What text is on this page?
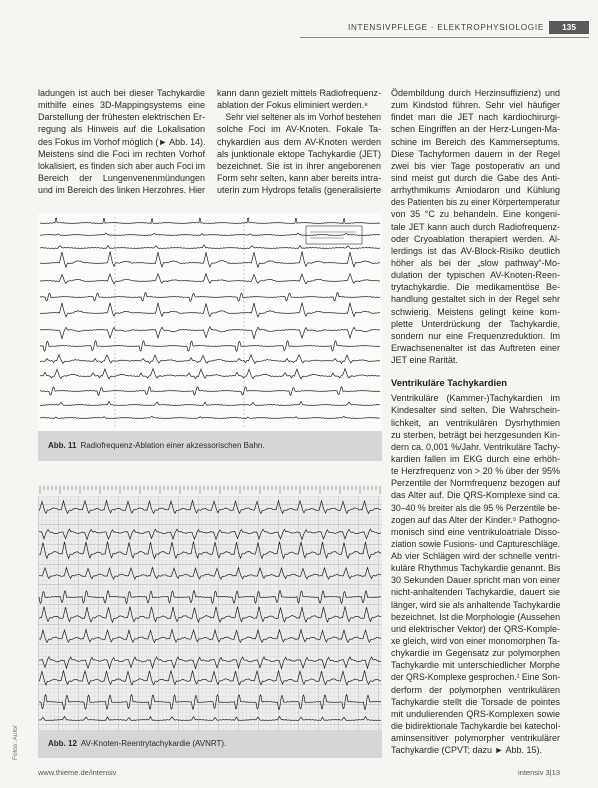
INTENSIVPFLEGE · ELEKTROPHYSIOLOGIE	135
ladungen ist auch bei dieser Tachykardie
mithilfe eines 3D-Mappingsystems eine
Darstellung der frühesten elektrischen Er-
regung als Hinweis auf die Lokalisation
des Fokus im Vorhof möglich (► Abb. 14).
Meistens sind die Foci im rechten Vorhof
lokalisiert, es finden sich aber auch Foci im
Bereich der Lungenvenenmündungen
und im Bereich des linken Herzohres. Hier
kann dann gezielt mittels Radiofrequenz-
ablation der Fokus eliminiert werden.⁸
Sehr viel seltener als im Vorhof bestehen
solche Foci im AV-Knoten. Fokale Ta-
chykardien aus dem AV-Knoten werden
als junktionale ektope Tachykardie (JET)
bezeichnet. Sie ist in ihrer angeborenen
Form sehr selten, kann aber bereits intra-
uterin zum Hydrops fetalis (generalisierte
Ödembildung durch Herzinsuffizienz) und
zum Kindstod führen. Sehr viel häufiger
findet man die JET nach kardiochirurgi-
schen Eingriffen an der Herz-Lungen-Ma-
schine im Bereich des Kammerseptums.
Diese Tachyformen dauern in der Regel
zwei bis vier Tage postoperativ an und
sind meist gut durch die Gabe des Anti-
arrhythmikums Amiodaron und Kühlung
des Patienten bis zu einer Körpertemperatur
von 35 °C zu behandeln. Eine kongeni-
tale JET kann auch durch Radiofrequenz-
oder Cryoablation therapiert werden. Al-
lerdings ist das AV-Block-Risiko deutlich
höher als bei der „slow pathway“-Mo-
dulation der typischen AV-Knoten-Reen-
trytachykardie. Die medikamentöse Be-
handlung gestaltet sich in der Regel sehr
schwierig. Meistens gelingt keine kom-
plette Unterdrückung der Tachykardie,
sondern nur eine Frequenzreduktion. Im
Erwachsenenalter ist das Auftreten einer
JET eine Rarität.
Ventrikuläre Tachykardien
Ventrikuläre (Kammer-)Tachykardien im
Kindesalter sind selten. Die Wahrschein-
lichkeit, an ventrikulären Dysrhythmien
zu sterben, beträgt bei herzgesunden Kin-
dern ca. 0,001 %/Jahr. Ventrikuläre Tachy-
kardien fallen im EKG durch eine erhöh-
te Herzfrequenz von > 20 % über der 95%
Perzentile der Normfrequenz bezogen auf
das Alter auf. Die QRS-Komplexe sind ca.
30–40 % breiter als die 95 % Perzentile be-
zogen auf das Alter der Kinder.⁵ Pathogno-
monisch sind eine ventrikuloatriale Disso-
ziation sowie Fusions- und Captureschläge.
Ab vier Schlägen wird der schnelle ventri-
kuläre Rhythmus Tachykardie genannt. Bis
30 Sekunden Dauer spricht man von einer
nicht-anhaltenden Tachykardie, dauert sie
länger, wird sie als anhaltende Tachykardie
bezeichnet. Ist die Morphologie (Aussehen
und elektrischer Vektor) der QRS-Komple-
xe gleich, wird von einer monomorphen Ta-
chykardie im Gegensatz zur polymorphen
Tachykardie mit unterschiedlicher Morphe
der QRS-Komplexe gesprochen.¹ Eine Son-
derform der polymorphen ventrikulären
Tachykardie stellt die Torsade de pointes
mit undulierenden QRS-Komplexen sowie
die bidirektionale Tachykardie bei katechol-
aminsensitiver polymorpher ventrikulärer
Tachykardie (CPVT; dazu ► Abb. 15).
Abb. 11 Radiofrequenz-Ablation einer akzessorischen Bahn.
Abb. 12 AV-Knoten-Reentrytachykardie (AVNRT).
Fotos: Autor
www.thieme.de/intensiv	intensiv 3|13
